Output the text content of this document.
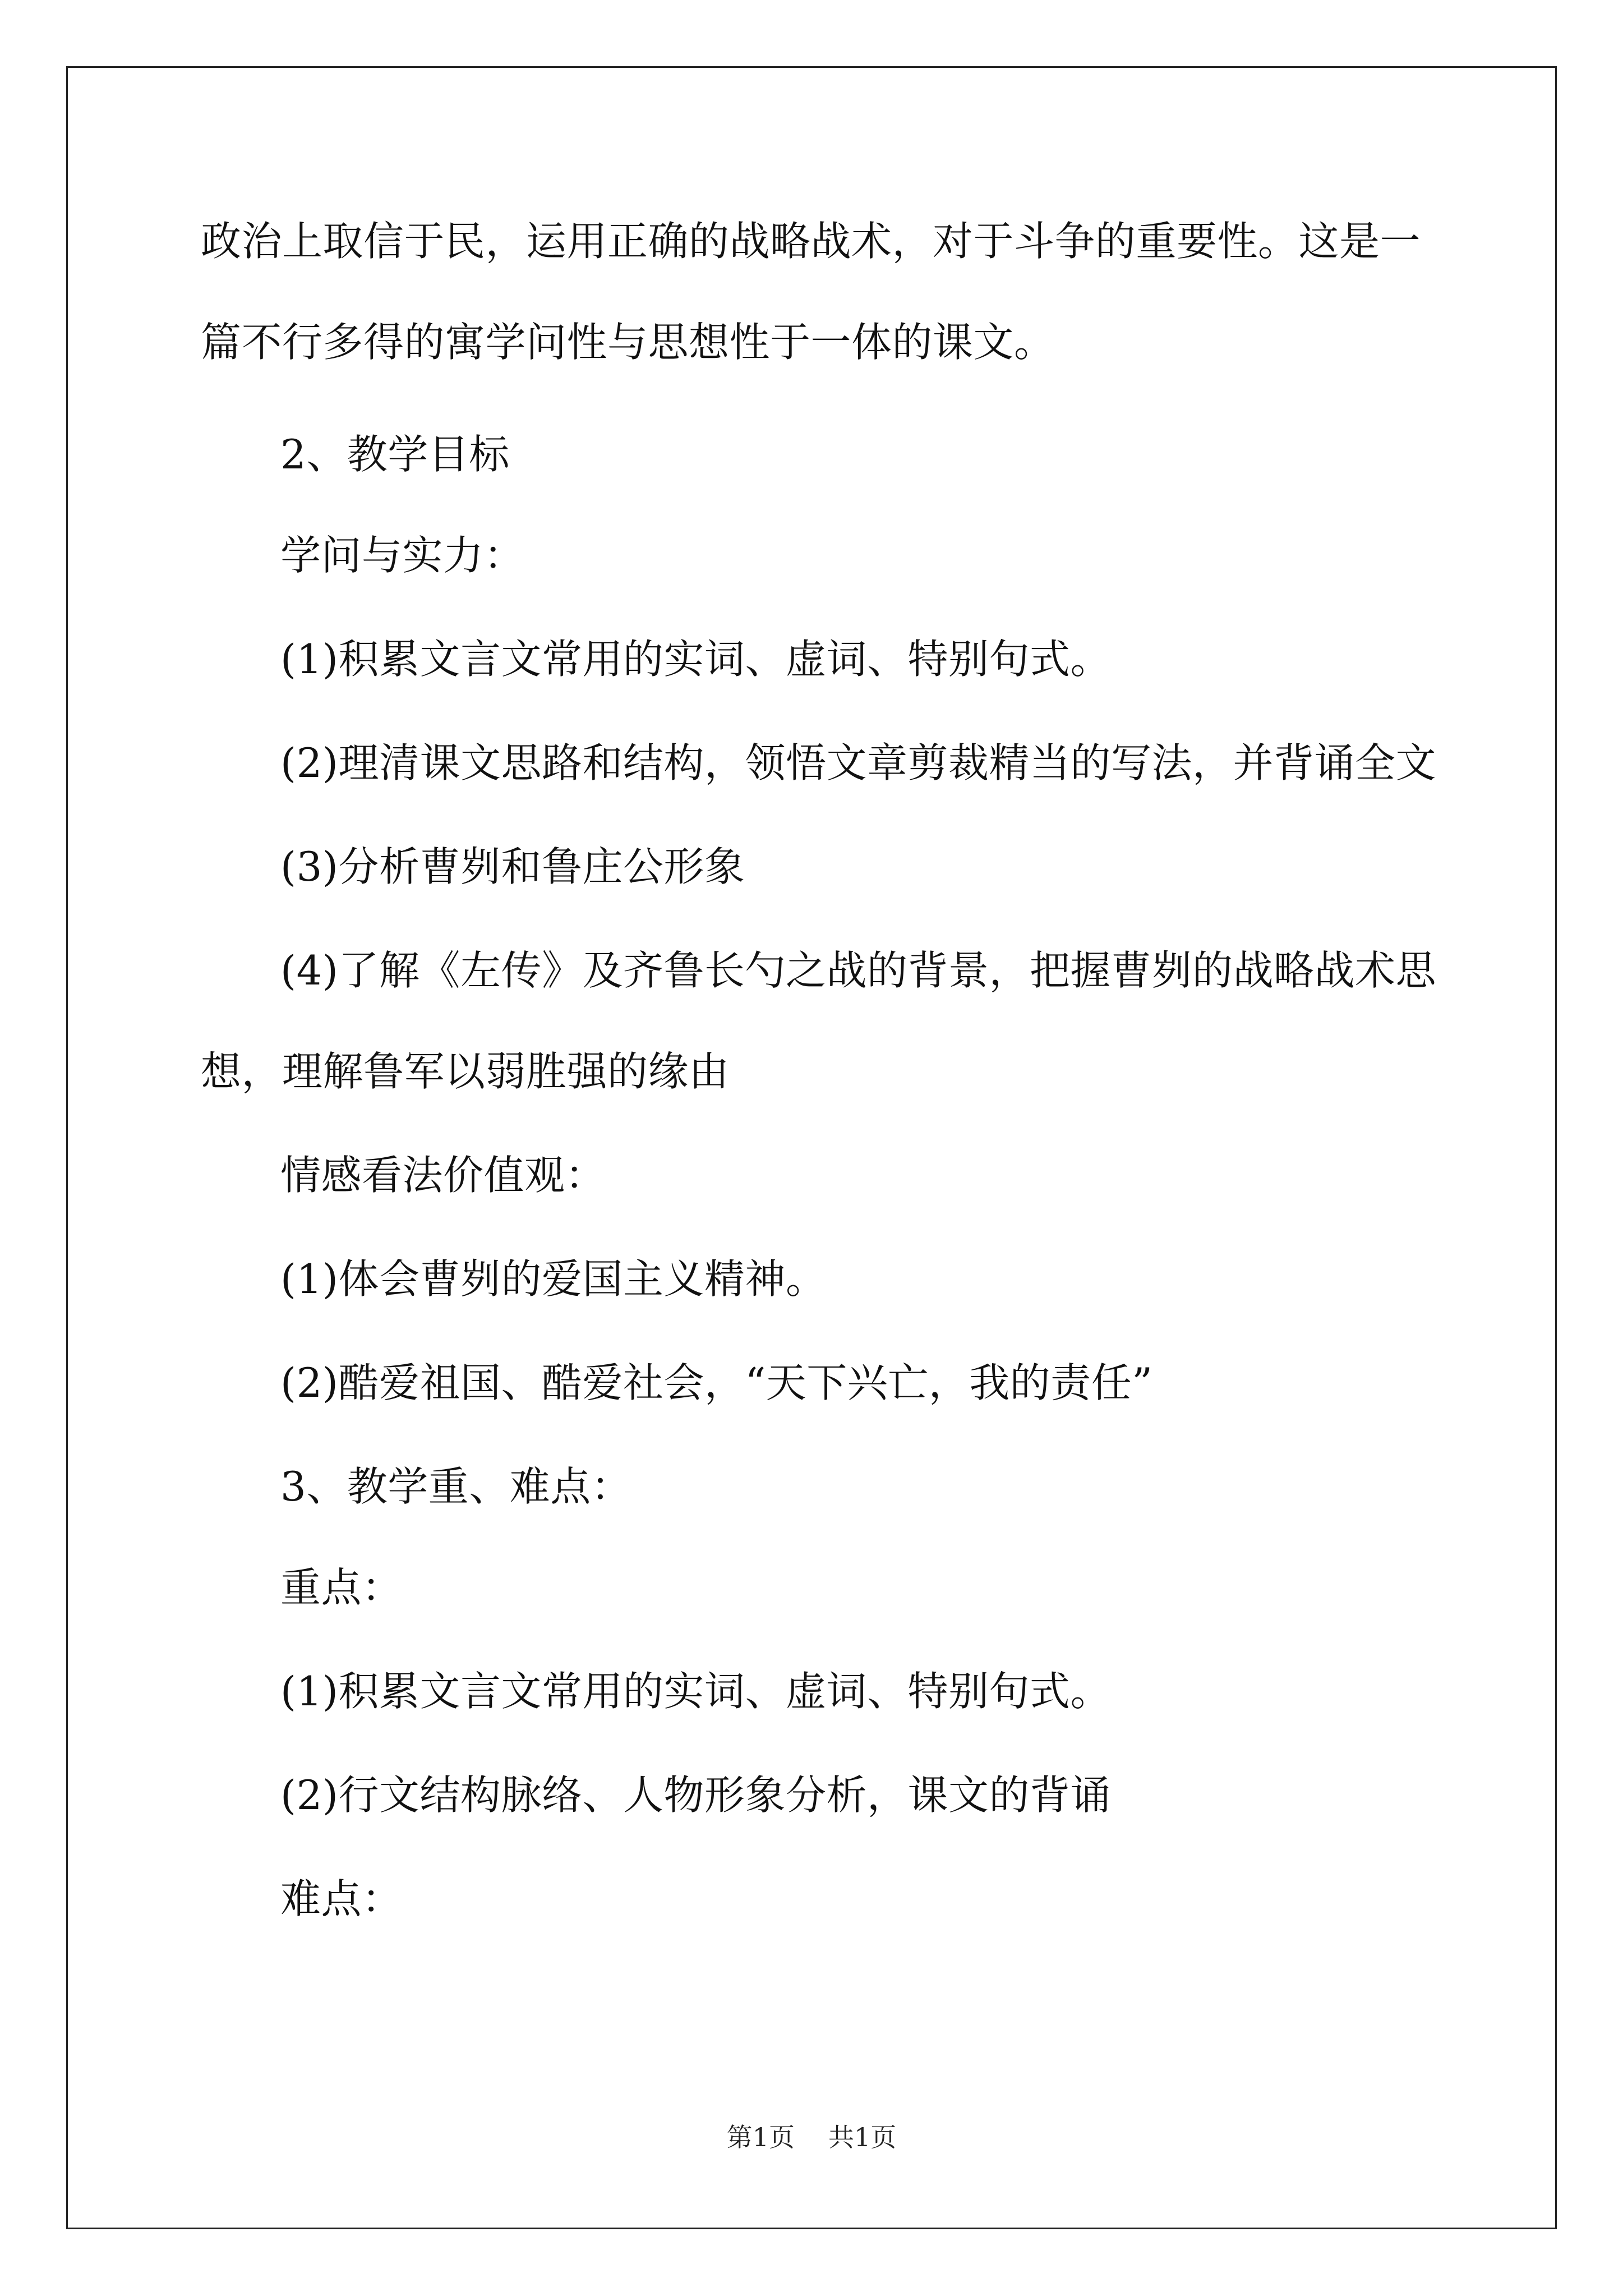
政治上取信于民，运用正确的战略战术，对于斗争的重要性。这是一
篇不行多得的寓学问性与思想性于一体的课文。
2、教学目标
学问与实力：
(1)积累文言文常用的实词、虚词、特别句式。
(2)理清课文思路和结构，领悟文章剪裁精当的写法，并背诵全文
(3)分析曹刿和鲁庄公形象
(4)了解《左传》及齐鲁长勺之战的背景，把握曹刿的战略战术思
想，理解鲁军以弱胜强的缘由
情感看法价值观：
(1)体会曹刿的爱国主义精神。
(2)酷爱祖国、酷爱社会，“天下兴亡，我的责任”
3、教学重、难点：
重点：
(1)积累文言文常用的实词、虚词、特别句式。
(2)行文结构脉络、人物形象分析，课文的背诵
难点：
第1页 共1页
